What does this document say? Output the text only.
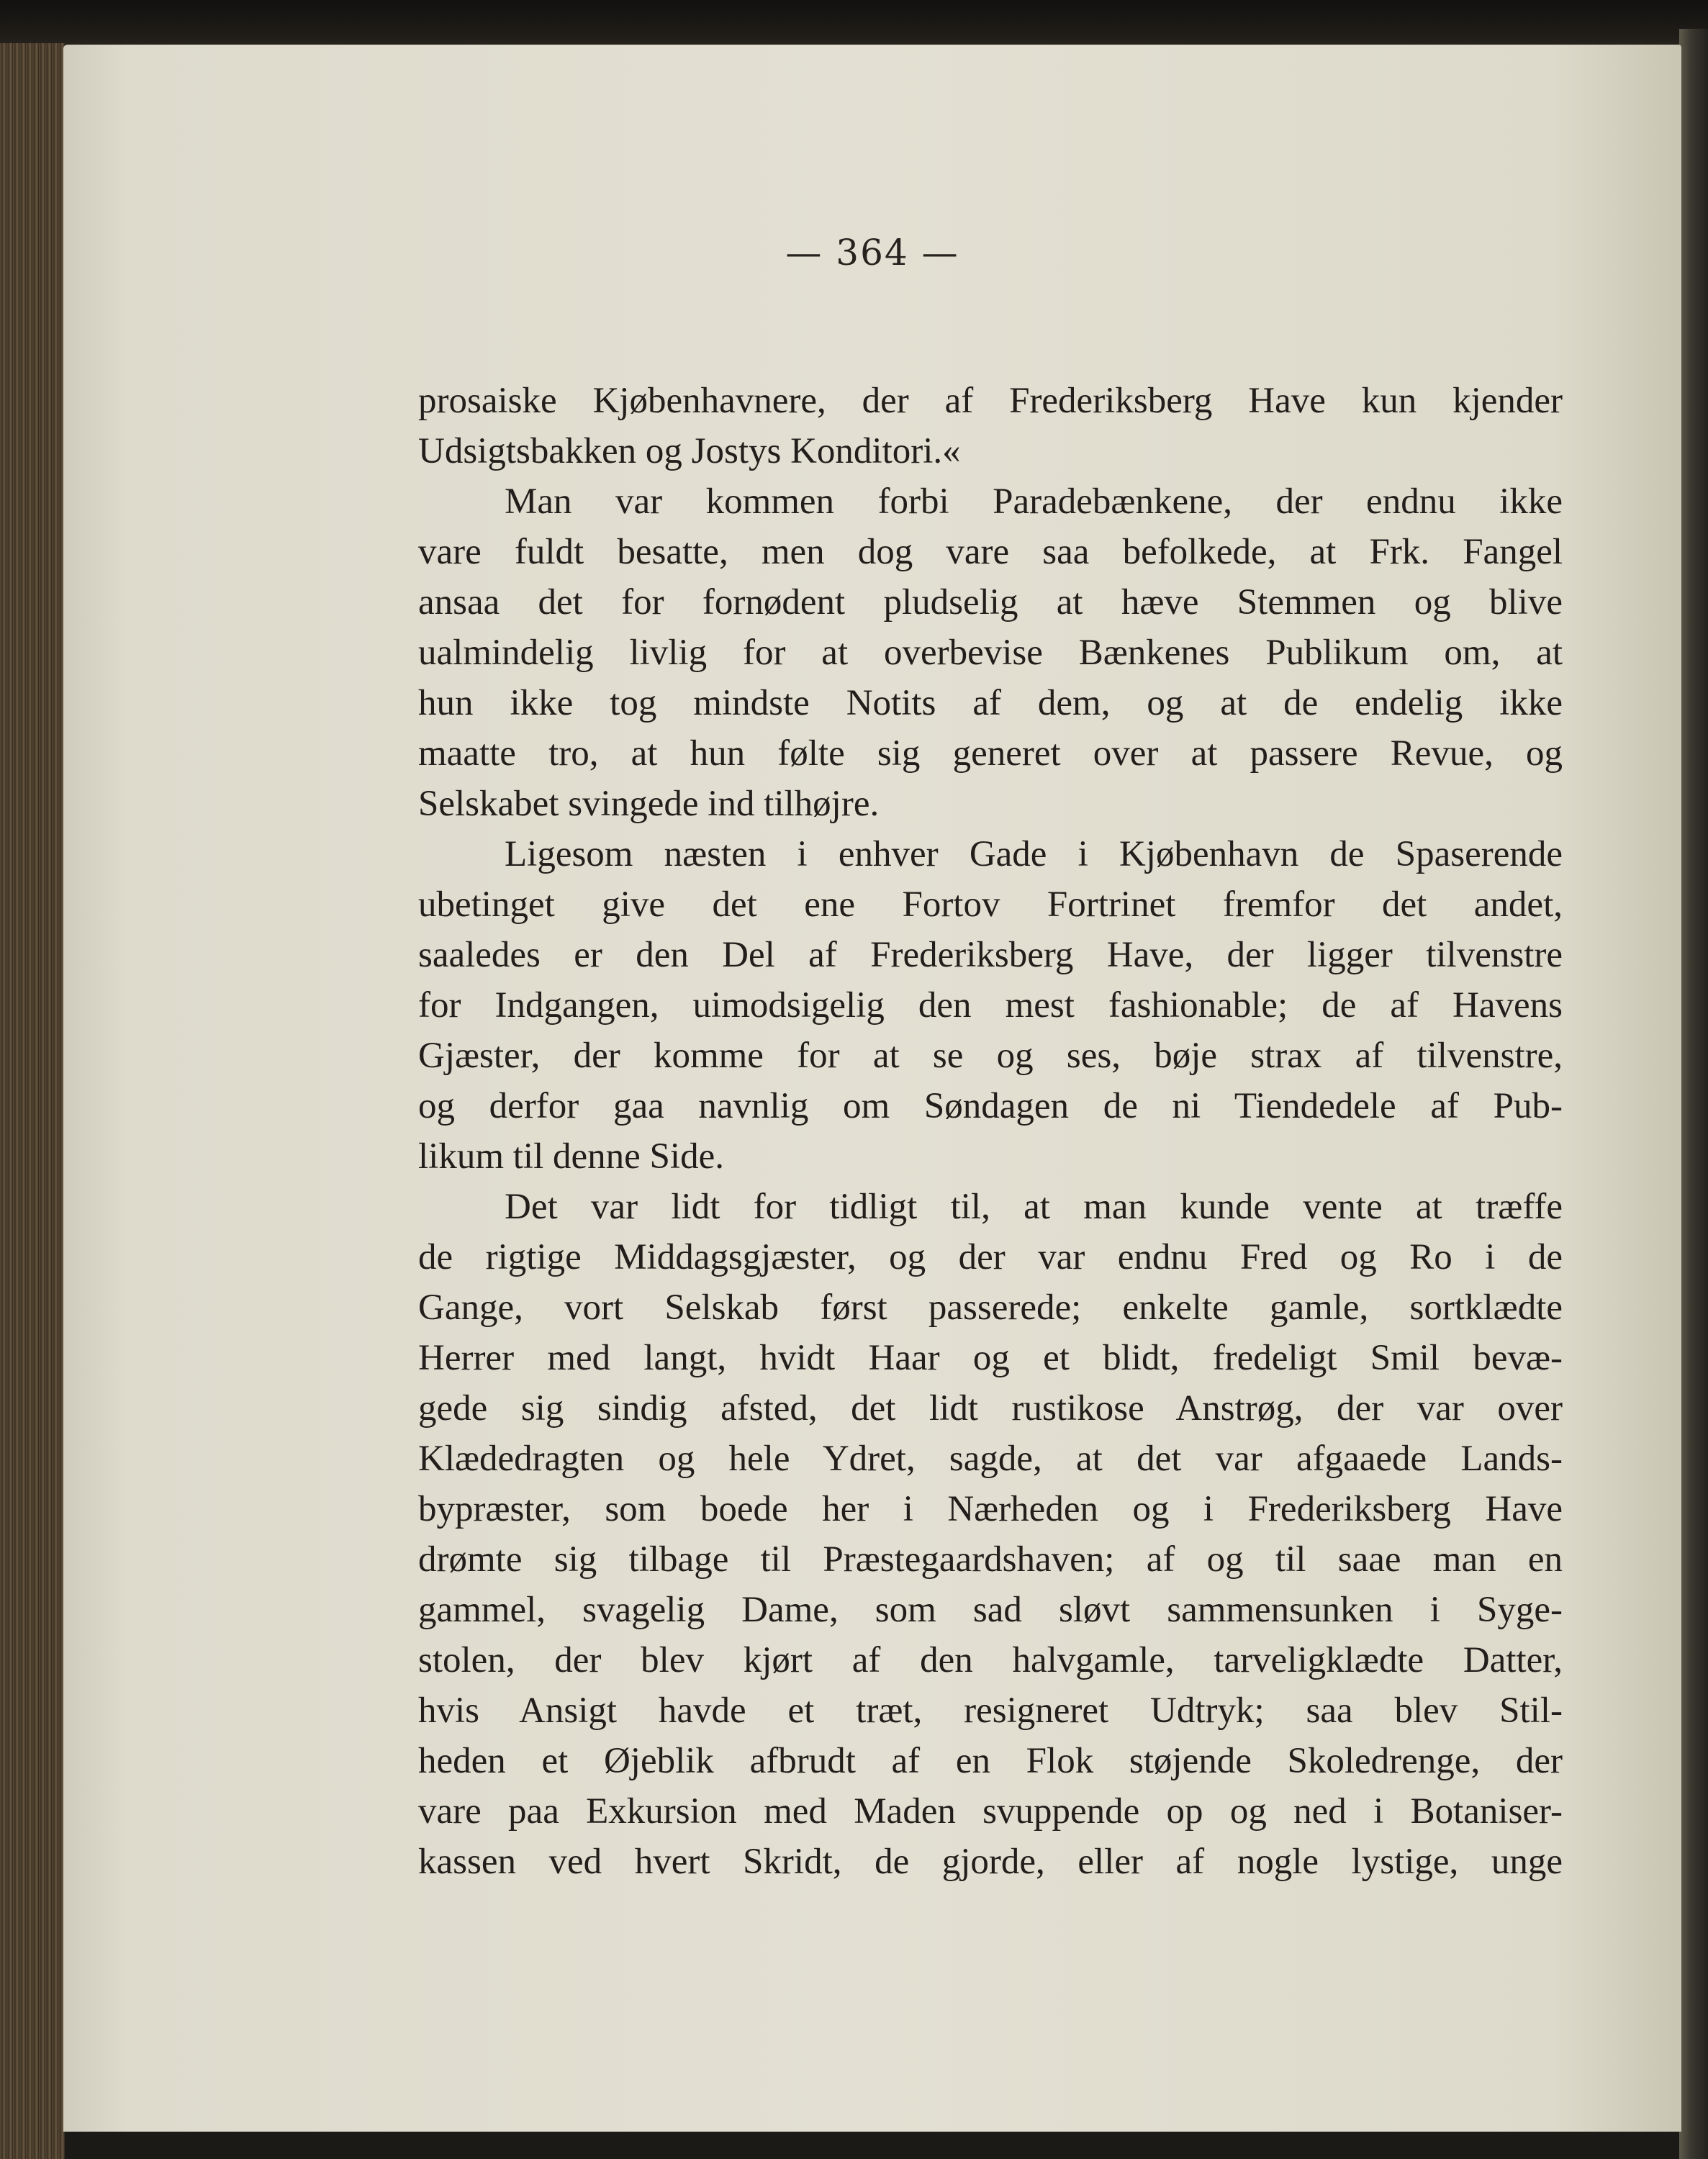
— 364 —

prosaiske Kjøbenhavnere, der af Frederiksberg Have kun kjender
Udsigtsbakken og Jostys Konditori.«
Man var kommen forbi Paradebænkene, der endnu ikke
vare fuldt besatte, men dog vare saa befolkede, at Frk. Fangel
ansaa det for fornødent pludselig at hæve Stemmen og blive
ualmindelig livlig for at overbevise Bænkenes Publikum om, at
hun ikke tog mindste Notits af dem, og at de endelig ikke
maatte tro, at hun følte sig generet over at passere Revue, og
Selskabet svingede ind tilhøjre.
Ligesom næsten i enhver Gade i Kjøbenhavn de Spaserende
ubetinget give det ene Fortov Fortrinet fremfor det andet,
saaledes er den Del af Frederiksberg Have, der ligger tilvenstre
for Indgangen, uimodsigelig den mest fashionable; de af Havens
Gjæster, der komme for at se og ses, bøje strax af tilvenstre,
og derfor gaa navnlig om Søndagen de ni Tiendedele af Pub-
likum til denne Side.
Det var lidt for tidligt til, at man kunde vente at træffe
de rigtige Middagsgjæster, og der var endnu Fred og Ro i de
Gange, vort Selskab først passerede; enkelte gamle, sortklædte
Herrer med langt, hvidt Haar og et blidt, fredeligt Smil bevæ-
gede sig sindig afsted, det lidt rustikose Anstrøg, der var over
Klædedragten og hele Ydret, sagde, at det var afgaaede Lands-
bypræster, som boede her i Nærheden og i Frederiksberg Have
drømte sig tilbage til Præstegaardshaven; af og til saae man en
gammel, svagelig Dame, som sad sløvt sammensunken i Syge-
stolen, der blev kjørt af den halvgamle, tarveligklædte Datter,
hvis Ansigt havde et træt, resigneret Udtryk; saa blev Stil-
heden et Øjeblik afbrudt af en Flok støjende Skoledrenge, der
vare paa Exkursion med Maden svuppende op og ned i Botaniser-
kassen ved hvert Skridt, de gjorde, eller af nogle lystige, unge
